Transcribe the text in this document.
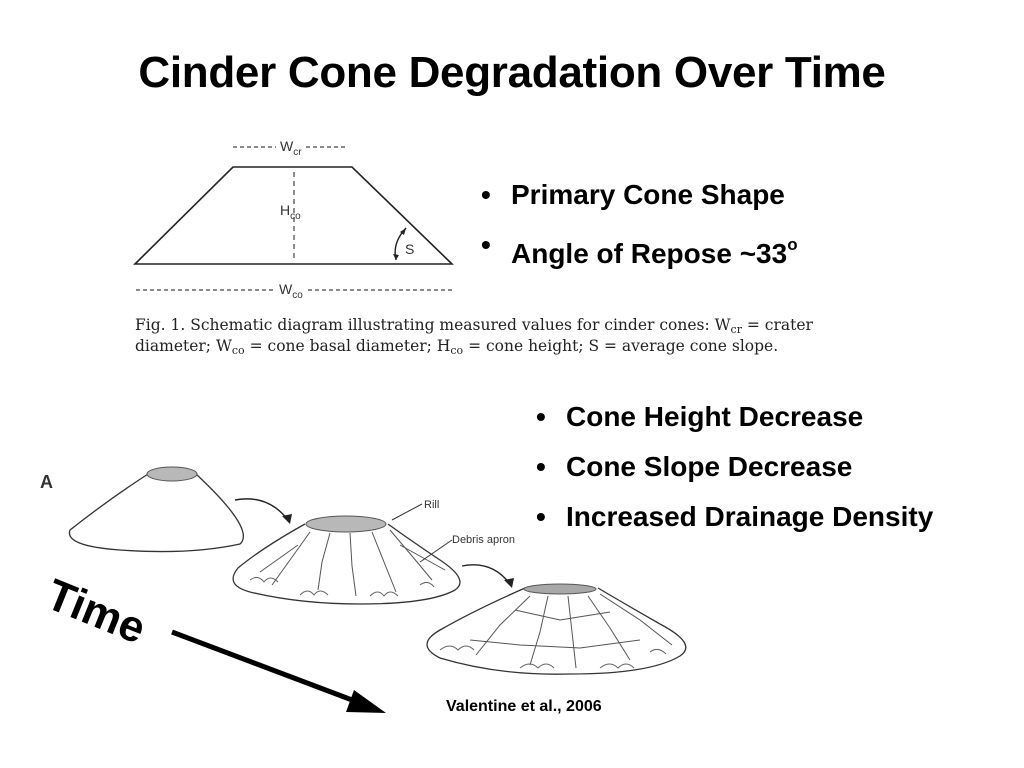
Cinder Cone Degradation Over Time
• Primary Cone Shape
• Angle of Repose ~33$^o$
• Cone Height Decrease
• Cone Slope Decrease
• Increased Drainage Density
$W_{cr}$
$H_{co}$
S
$W_{co}$
Fig. 1. Schematic diagram illustrating measured values for cinder cones: Wcr = crater
diameter; Wco = cone basal diameter; Hco = cone height; S = average cone slope.
A
Rill
Debris apron
Time
Valentine et al., 2006
